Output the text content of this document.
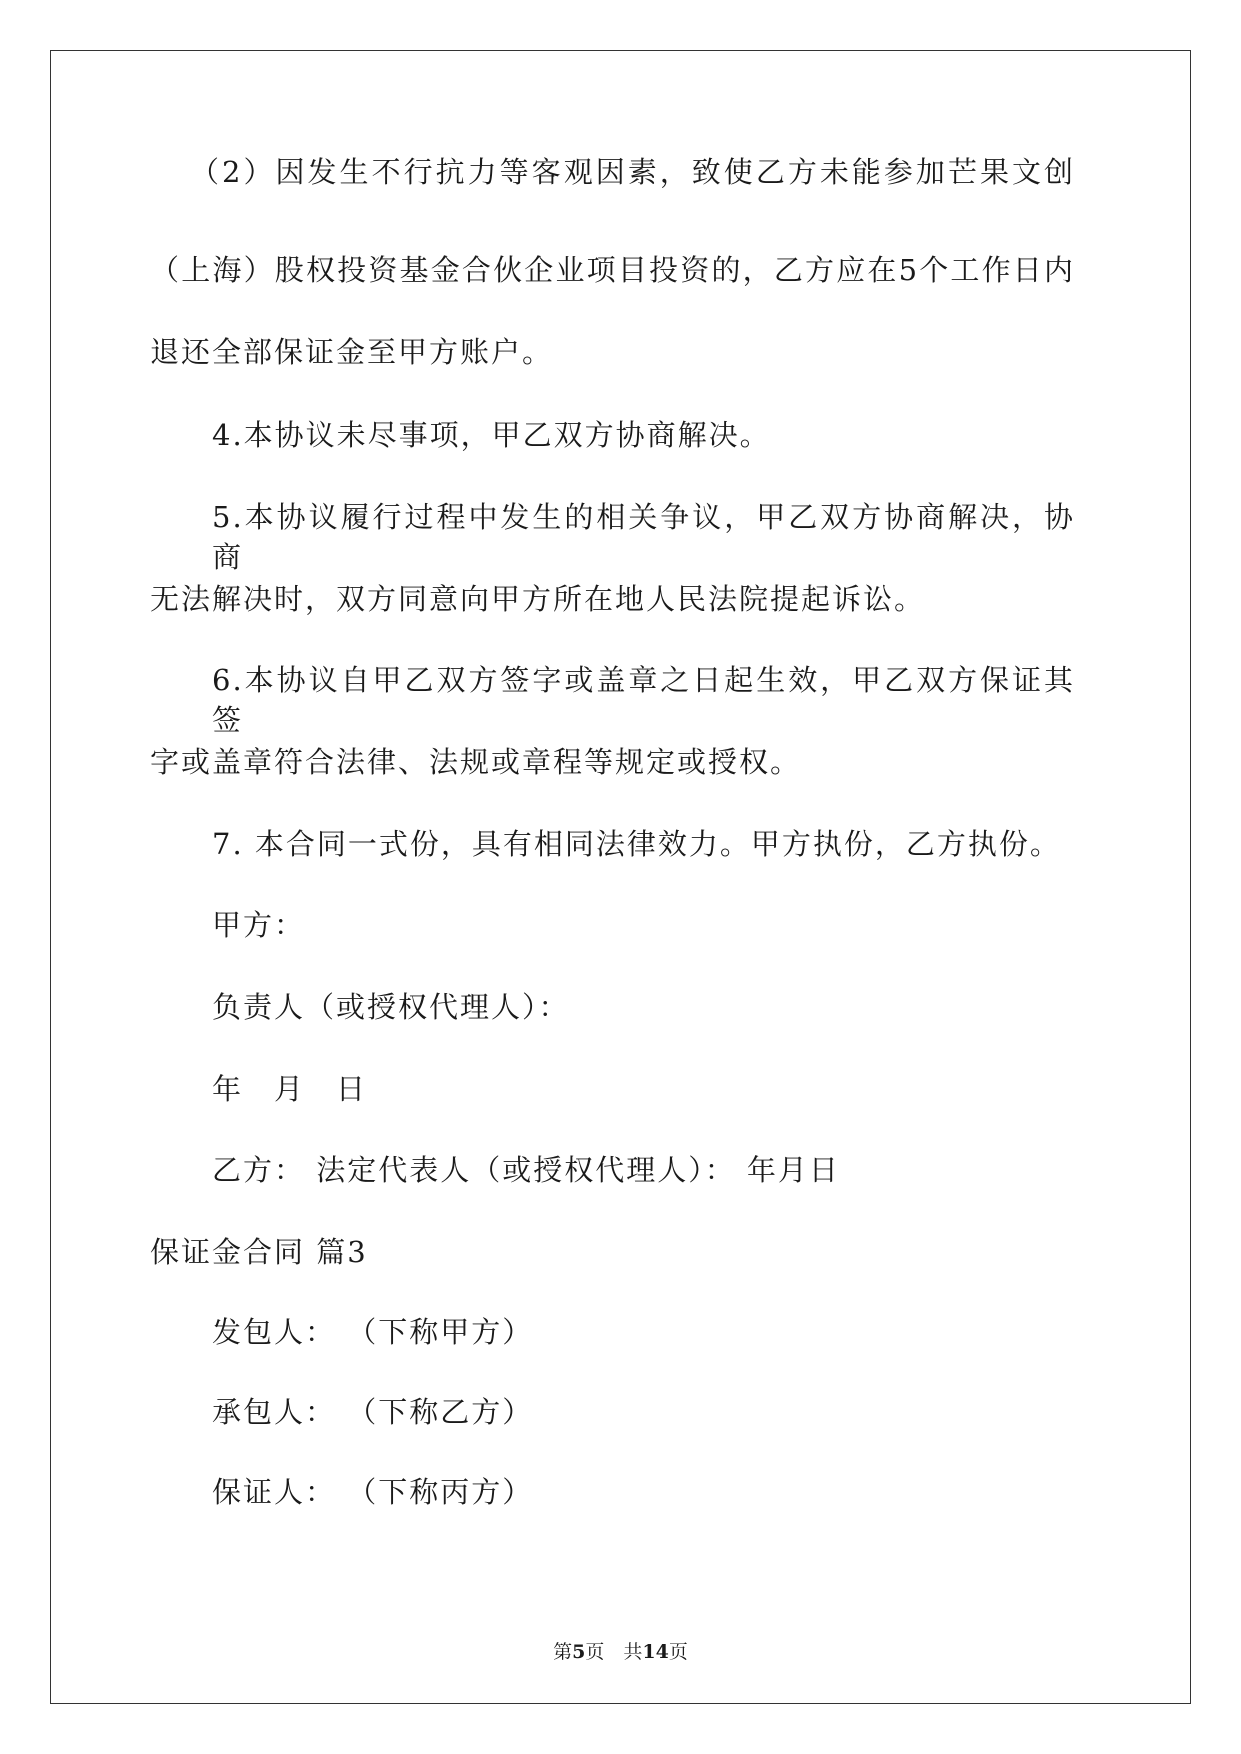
（2）因发生不行抗力等客观因素，致使乙方未能参加芒果文创
（上海）股权投资基金合伙企业项目投资的，乙方应在5个工作日内
退还全部保证金至甲方账户。
4.本协议未尽事项，甲乙双方协商解决。
5.本协议履行过程中发生的相关争议，甲乙双方协商解决，协商
无法解决时，双方同意向甲方所在地人民法院提起诉讼。
6.本协议自甲乙双方签字或盖章之日起生效，甲乙双方保证其签
字或盖章符合法律、法规或章程等规定或授权。
7. 本合同一式份，具有相同法律效力。甲方执份，乙方执份。
甲方：
负责人（或授权代理人）：
年　月　日
乙方： 法定代表人（或授权代理人）： 年月日
保证金合同 篇3
发包人： （下称甲方）
承包人： （下称乙方）
保证人： （下称丙方）
第5页　共14页
